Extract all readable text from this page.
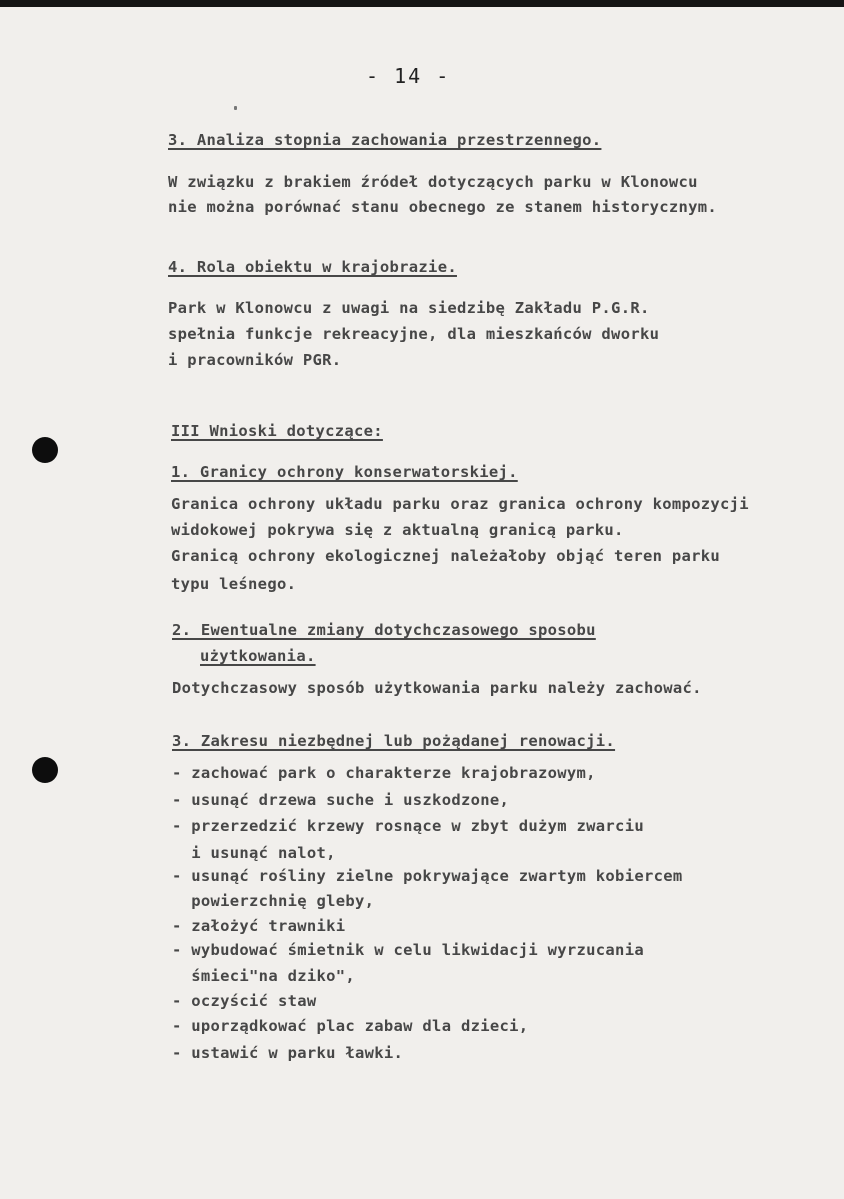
- 14 -
3. Analiza stopnia zachowania przestrzennego.
W związku z brakiem źródeł dotyczących parku w Klonowcu
nie można porównać stanu obecnego ze stanem historycznym.
4. Rola obiektu w krajobrazie.
Park w Klonowcu z uwagi na siedzibę Zakładu P.G.R.
spełnia funkcje rekreacyjne, dla mieszkańców dworku
i pracowników PGR.
III Wnioski dotyczące:
1. Granicy ochrony konserwatorskiej.
Granica ochrony układu parku oraz granica ochrony kompozycji
widokowej pokrywa się z aktualną granicą parku.
Granicą ochrony ekologicznej należałoby objąć teren parku
typu leśnego.
2. Ewentualne zmiany dotychczasowego sposobu
użytkowania.
Dotychczasowy sposób użytkowania parku należy zachować.
3. Zakresu niezbędnej lub pożądanej renowacji.
- zachować park o charakterze krajobrazowym,
- usunąć drzewa suche i uszkodzone,
- przerzedzić krzewy rosnące w zbyt dużym zwarciu
i usunąć nalot,
- usunąć rośliny zielne pokrywające zwartym kobiercem
powierzchnię gleby,
- założyć trawniki
- wybudować śmietnik w celu likwidacji wyrzucania
śmieci"na dziko",
- oczyścić staw
- uporządkować plac zabaw dla dzieci,
- ustawić w parku ławki.
